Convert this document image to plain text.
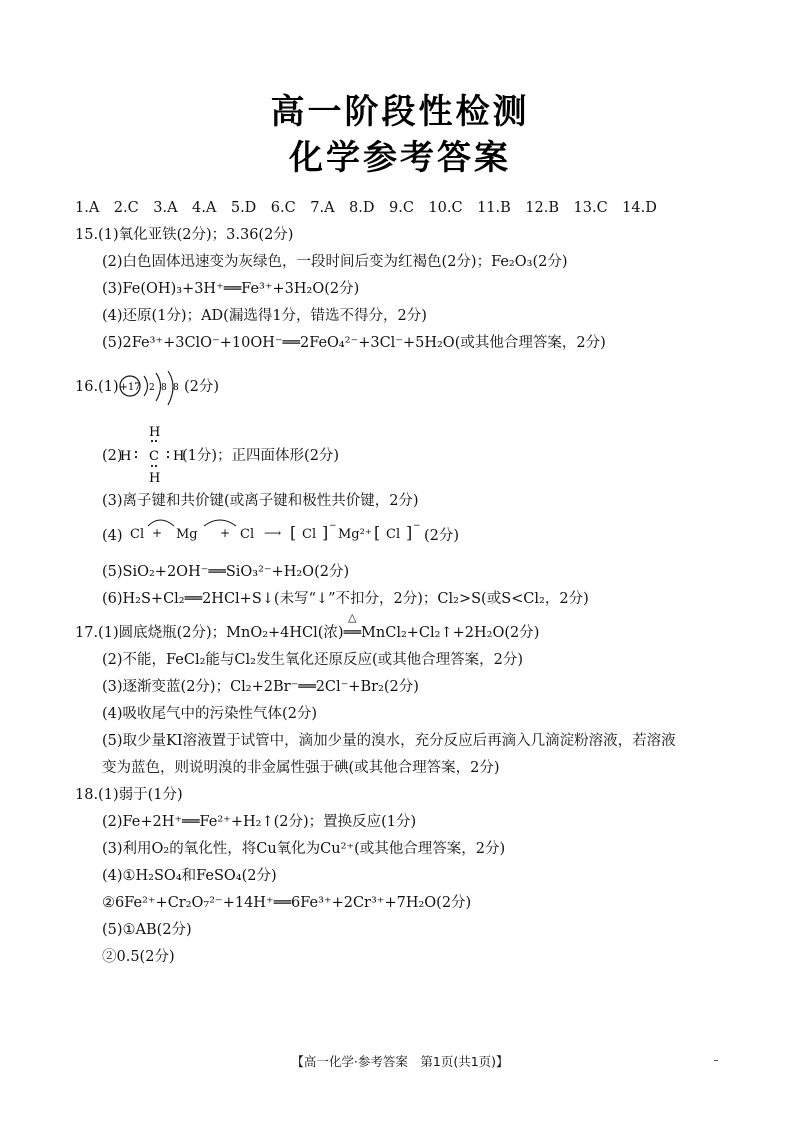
高一阶段性检测
化学参考答案
1.A　2.C　3.A　4.A　5.D　6.C　7.A　8.D　9.C　10.C　11.B　12.B　13.C　14.D
15.(1)氧化亚铁(2分)；3.36(2分)
(2)白色固体迅速变为灰绿色，一段时间后变为红褐色(2分)；Fe₂O₃(2分)
(3)Fe(OH)₃+3H⁺══Fe³⁺+3H₂O(2分)
(4)还原(1分)；AD(漏选得1分，错选不得分，2分)
(5)2Fe³⁺+3ClO⁻+10OH⁻══2FeO₄²⁻+3Cl⁻+5H₂O(或其他合理答案，2分)
16.(1) +17 2 8 8 (2分)
(2)
H
H C H
H
(1分)；正四面体形(2分)
(3)离子键和共价键(或离子键和极性共价键，2分)
(4) Cl + Mg + Cl ⟶ [ Cl ] −
Mg²⁺ [ Cl ] −
(2分)
(5)SiO₂+2OH⁻══SiO₃²⁻+H₂O(2分)
(6)H₂S+Cl₂══2HCl+S↓(未写“↓”不扣分，2分)；Cl₂>S(或S<Cl₂，2分)
17.(1)圆底烧瓶(2分)；MnO₂+4HCl(浓)══MnCl₂+Cl₂↑+2H₂O(2分)
△
(2)不能，FeCl₂能与Cl₂发生氧化还原反应(或其他合理答案，2分)
(3)逐渐变蓝(2分)；Cl₂+2Br⁻══2Cl⁻+Br₂(2分)
(4)吸收尾气中的污染性气体(2分)
(5)取少量KI溶液置于试管中，滴加少量的溴水，充分反应后再滴入几滴淀粉溶液，若溶液
变为蓝色，则说明溴的非金属性强于碘(或其他合理答案，2分)
18.(1)弱于(1分)
(2)Fe+2H⁺══Fe²⁺+H₂↑(2分)；置换反应(1分)
(3)利用O₂的氧化性，将Cu氧化为Cu²⁺(或其他合理答案，2分)
(4)①H₂SO₄和FeSO₄(2分)
②6Fe²⁺+Cr₂O₇²⁻+14H⁺══6Fe³⁺+2Cr³⁺+7H₂O(2分)
(5)①AB(2分)
②0.5(2分)
【高一化学·参考答案　第1页(共1页)】
